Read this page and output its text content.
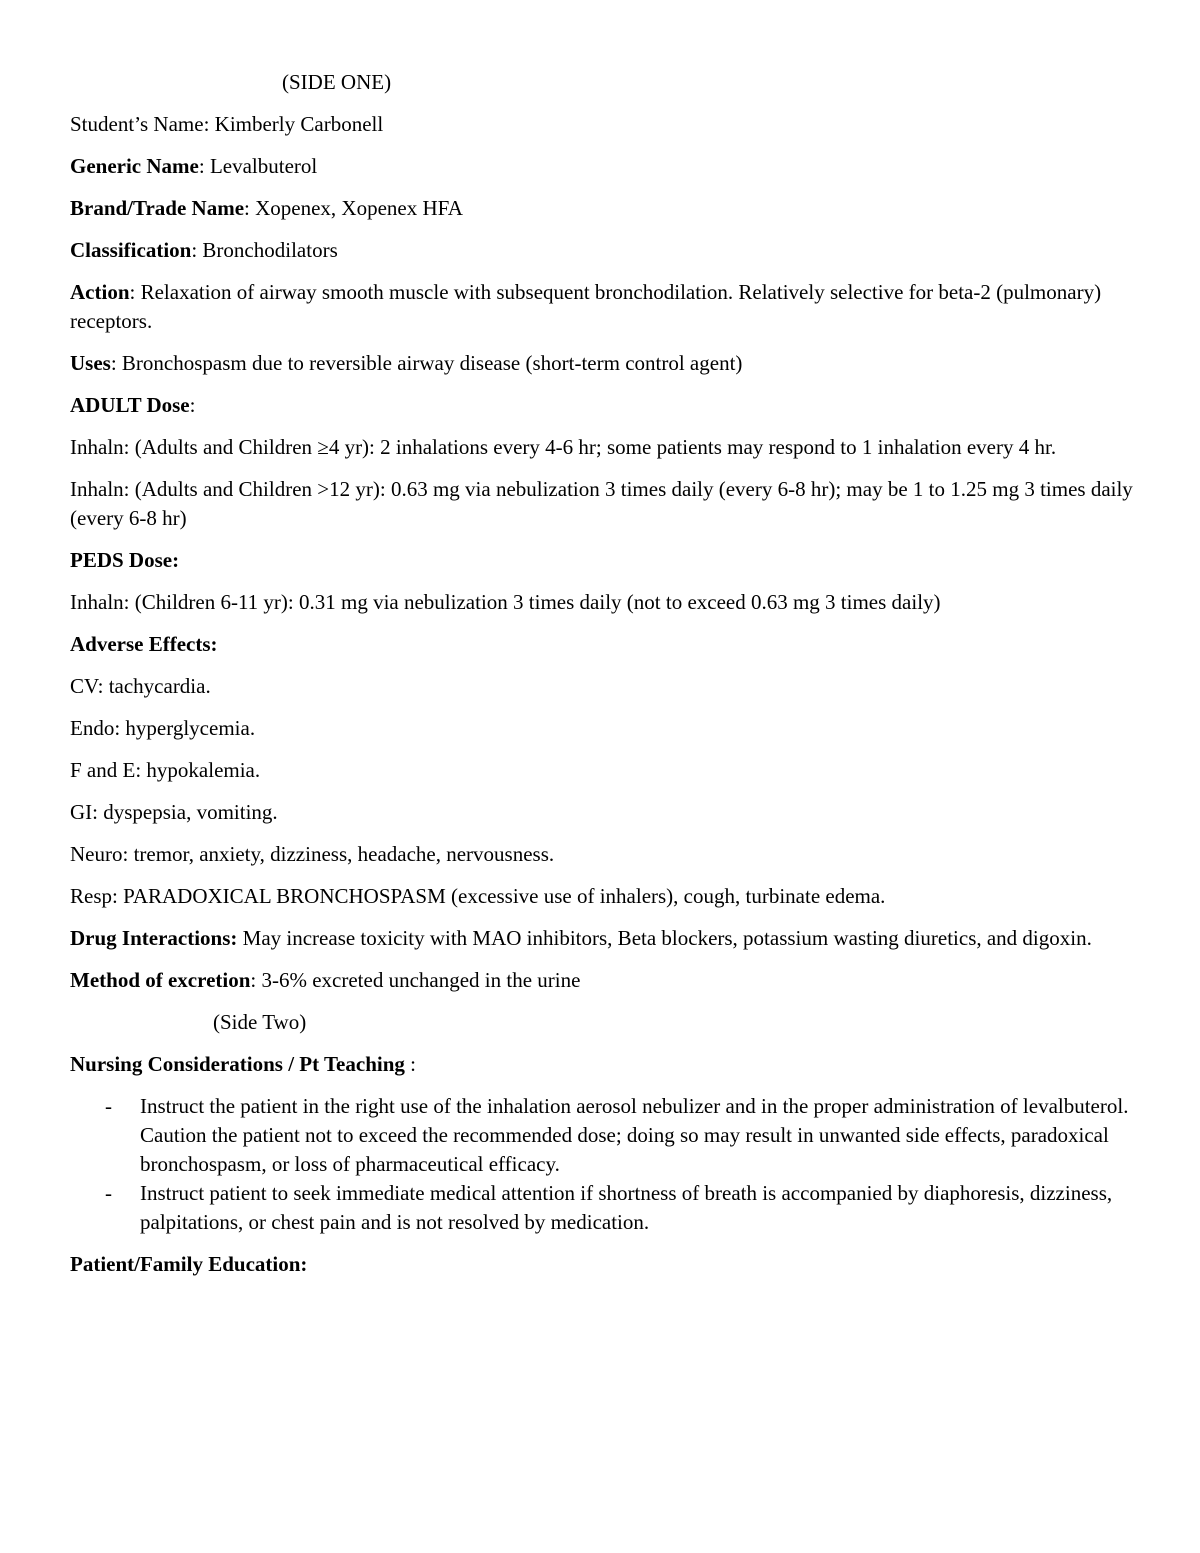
(SIDE ONE)
Student’s Name: Kimberly Carbonell
Generic Name: Levalbuterol
Brand/Trade Name: Xopenex, Xopenex HFA
Classification: Bronchodilators
Action: Relaxation of airway smooth muscle with subsequent bronchodilation. Relatively selective for beta-2 (pulmonary) receptors.
Uses: Bronchospasm due to reversible airway disease (short-term control agent)
ADULT Dose:
Inhaln: (Adults and Children ≥4 yr): 2 inhalations every 4-6 hr; some patients may respond to 1 inhalation every 4 hr.
Inhaln: (Adults and Children >12 yr): 0.63 mg via nebulization 3 times daily (every 6-8 hr); may be 1 to 1.25 mg 3 times daily (every 6-8 hr)
PEDS Dose:
Inhaln: (Children 6-11 yr): 0.31 mg via nebulization 3 times daily (not to exceed 0.63 mg 3 times daily)
Adverse Effects:
CV: tachycardia.
Endo: hyperglycemia.
F and E: hypokalemia.
GI: dyspepsia, vomiting.
Neuro: tremor, anxiety, dizziness, headache, nervousness.
Resp: PARADOXICAL BRONCHOSPASM (excessive use of inhalers), cough, turbinate edema.
Drug Interactions: May increase toxicity with MAO inhibitors, Beta blockers, potassium wasting diuretics, and digoxin.
Method of excretion: 3-6% excreted unchanged in the urine
(Side Two)
Nursing Considerations / Pt Teaching :
- Instruct the patient in the right use of the inhalation aerosol nebulizer and in the proper administration of levalbuterol. Caution the patient not to exceed the recommended dose; doing so may result in unwanted side effects, paradoxical bronchospasm, or loss of pharmaceutical efficacy.
- Instruct patient to seek immediate medical attention if shortness of breath is accompanied by diaphoresis, dizziness, palpitations, or chest pain and is not resolved by medication.
Patient/Family Education:
